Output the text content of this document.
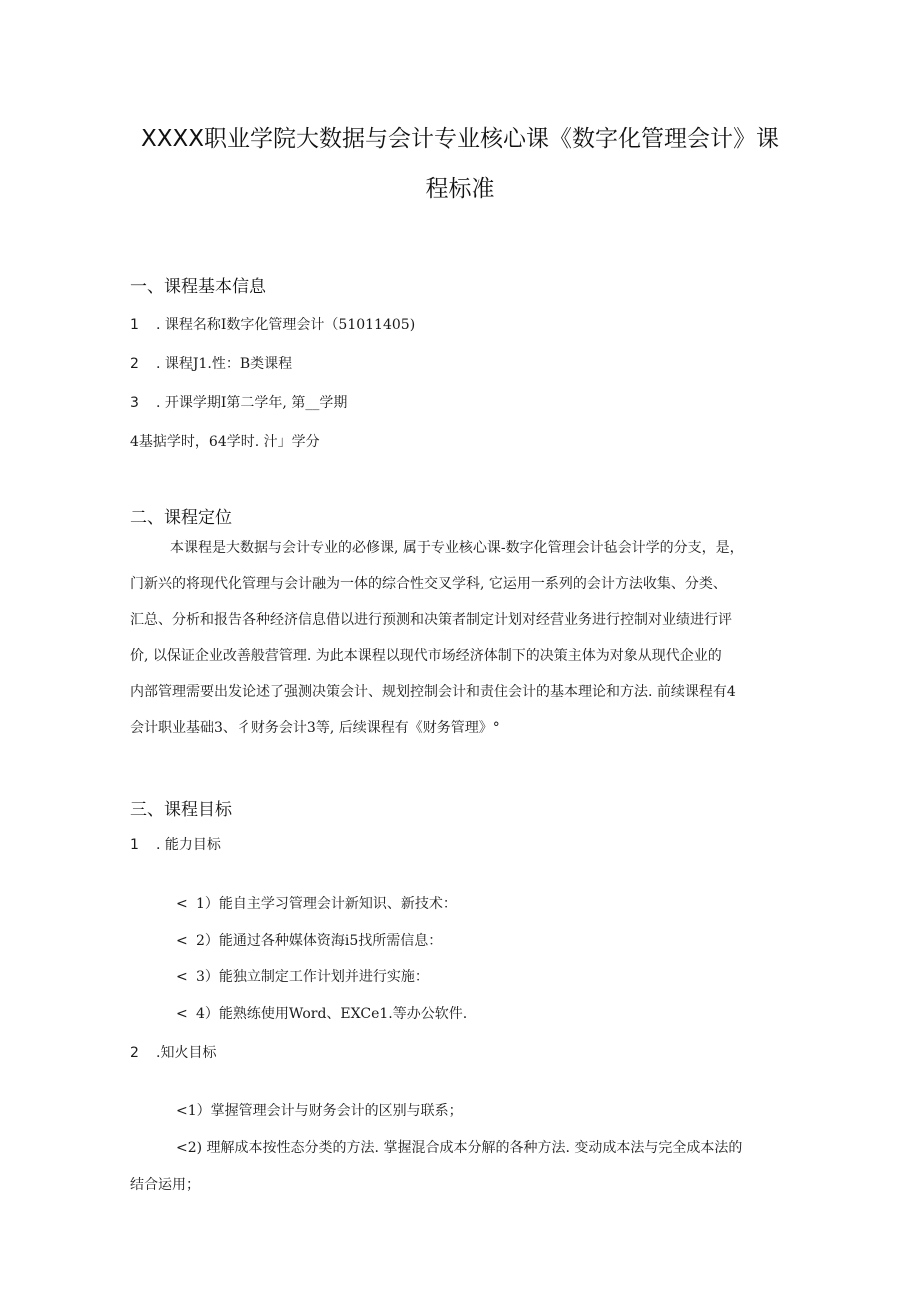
XXXX职业学院大数据与会计专业核心课《数字化管理会计》课
程标准
一、课程基本信息
1 . 课程名称I数字化管理会计（51011405)
2 . 课程J1.性：B类课程
3 . 开课学期I第二学年, 第__学期
4基掂学时，64学时. 汁」学分
二、课程定位
本课程是大数据与会计专业的必修课, 属于专业核心课-数字化管理会计毡会计学的分支，是，
门新兴的将现代化管理与会计融为一体的综合性交叉学科, 它运用一系列的会计方法收集、分类、
汇总、分析和报告各种经济信息借以进行预测和决策者制定计划对经营业务进行控制对业绩进行评
价, 以保证企业改善般营管理. 为此本课程以现代市场经济体制下的决策主体为对象从现代企业的
内部管理需要出发论述了强测决策会计、规划控制会计和责住会计的基本理论和方法. 前续课程有4
会计职业基础3、彳财务会计3等, 后续课程有《财务管理》°
三、课程目标
1 . 能力目标
< 1）能自主学习管理会计新知识、新技术：
< 2）能通过各种媒体资海i5找所需信息：
< 3）能独立制定工作计划并进行实施：
< 4）能熟练使用Word、EXCe1.等办公软件.
2 .知火目标
<1）掌握管理会计与财务会计的区别与联系；
<2) 理解成本按性态分类的方法. 掌握混合成本分解的各种方法. 变动成本法与完全成本法的
结合运用；
